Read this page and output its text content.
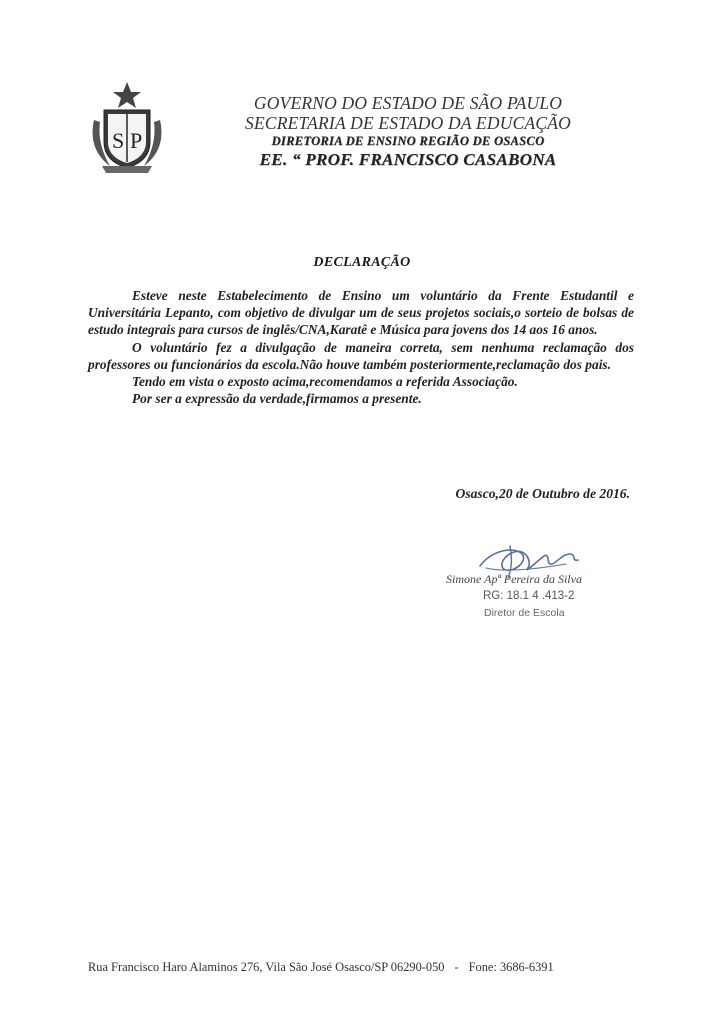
S P
GOVERNO DO ESTADO DE SÃO PAULO
SECRETARIA DE ESTADO DA EDUCAÇÃO
DIRETORIA DE ENSINO REGIÃO DE OSASCO
EE. “ PROF. FRANCISCO CASABONA
DECLARAÇÃO

Esteve neste Estabelecimento de Ensino um voluntário da Frente Estudantil e Universitária Lepanto, com objetivo de divulgar um de seus projetos sociais,o sorteio de bolsas de estudo integrais para cursos de inglês/CNA,Karatê e Música para jovens dos 14 aos 16 anos.

O voluntário fez a divulgação de maneira correta, sem nenhuma reclamação dos professores ou funcionários da escola.Não houve também posteriormente,reclamação dos pais.

Tendo em vista o exposto acima,recomendamos a referida Associação.

Por ser a expressão da verdade,firmamos a presente.

Osasco,20 de Outubro de 2016.
Simone Apª Pereira da Silva
RG: 18.1 4 .413-2
Diretor de Escola
Rua Francisco Haro Alaminos 276, Vila São José Osasco/SP 06290-050 - Fone: 3686-6391
